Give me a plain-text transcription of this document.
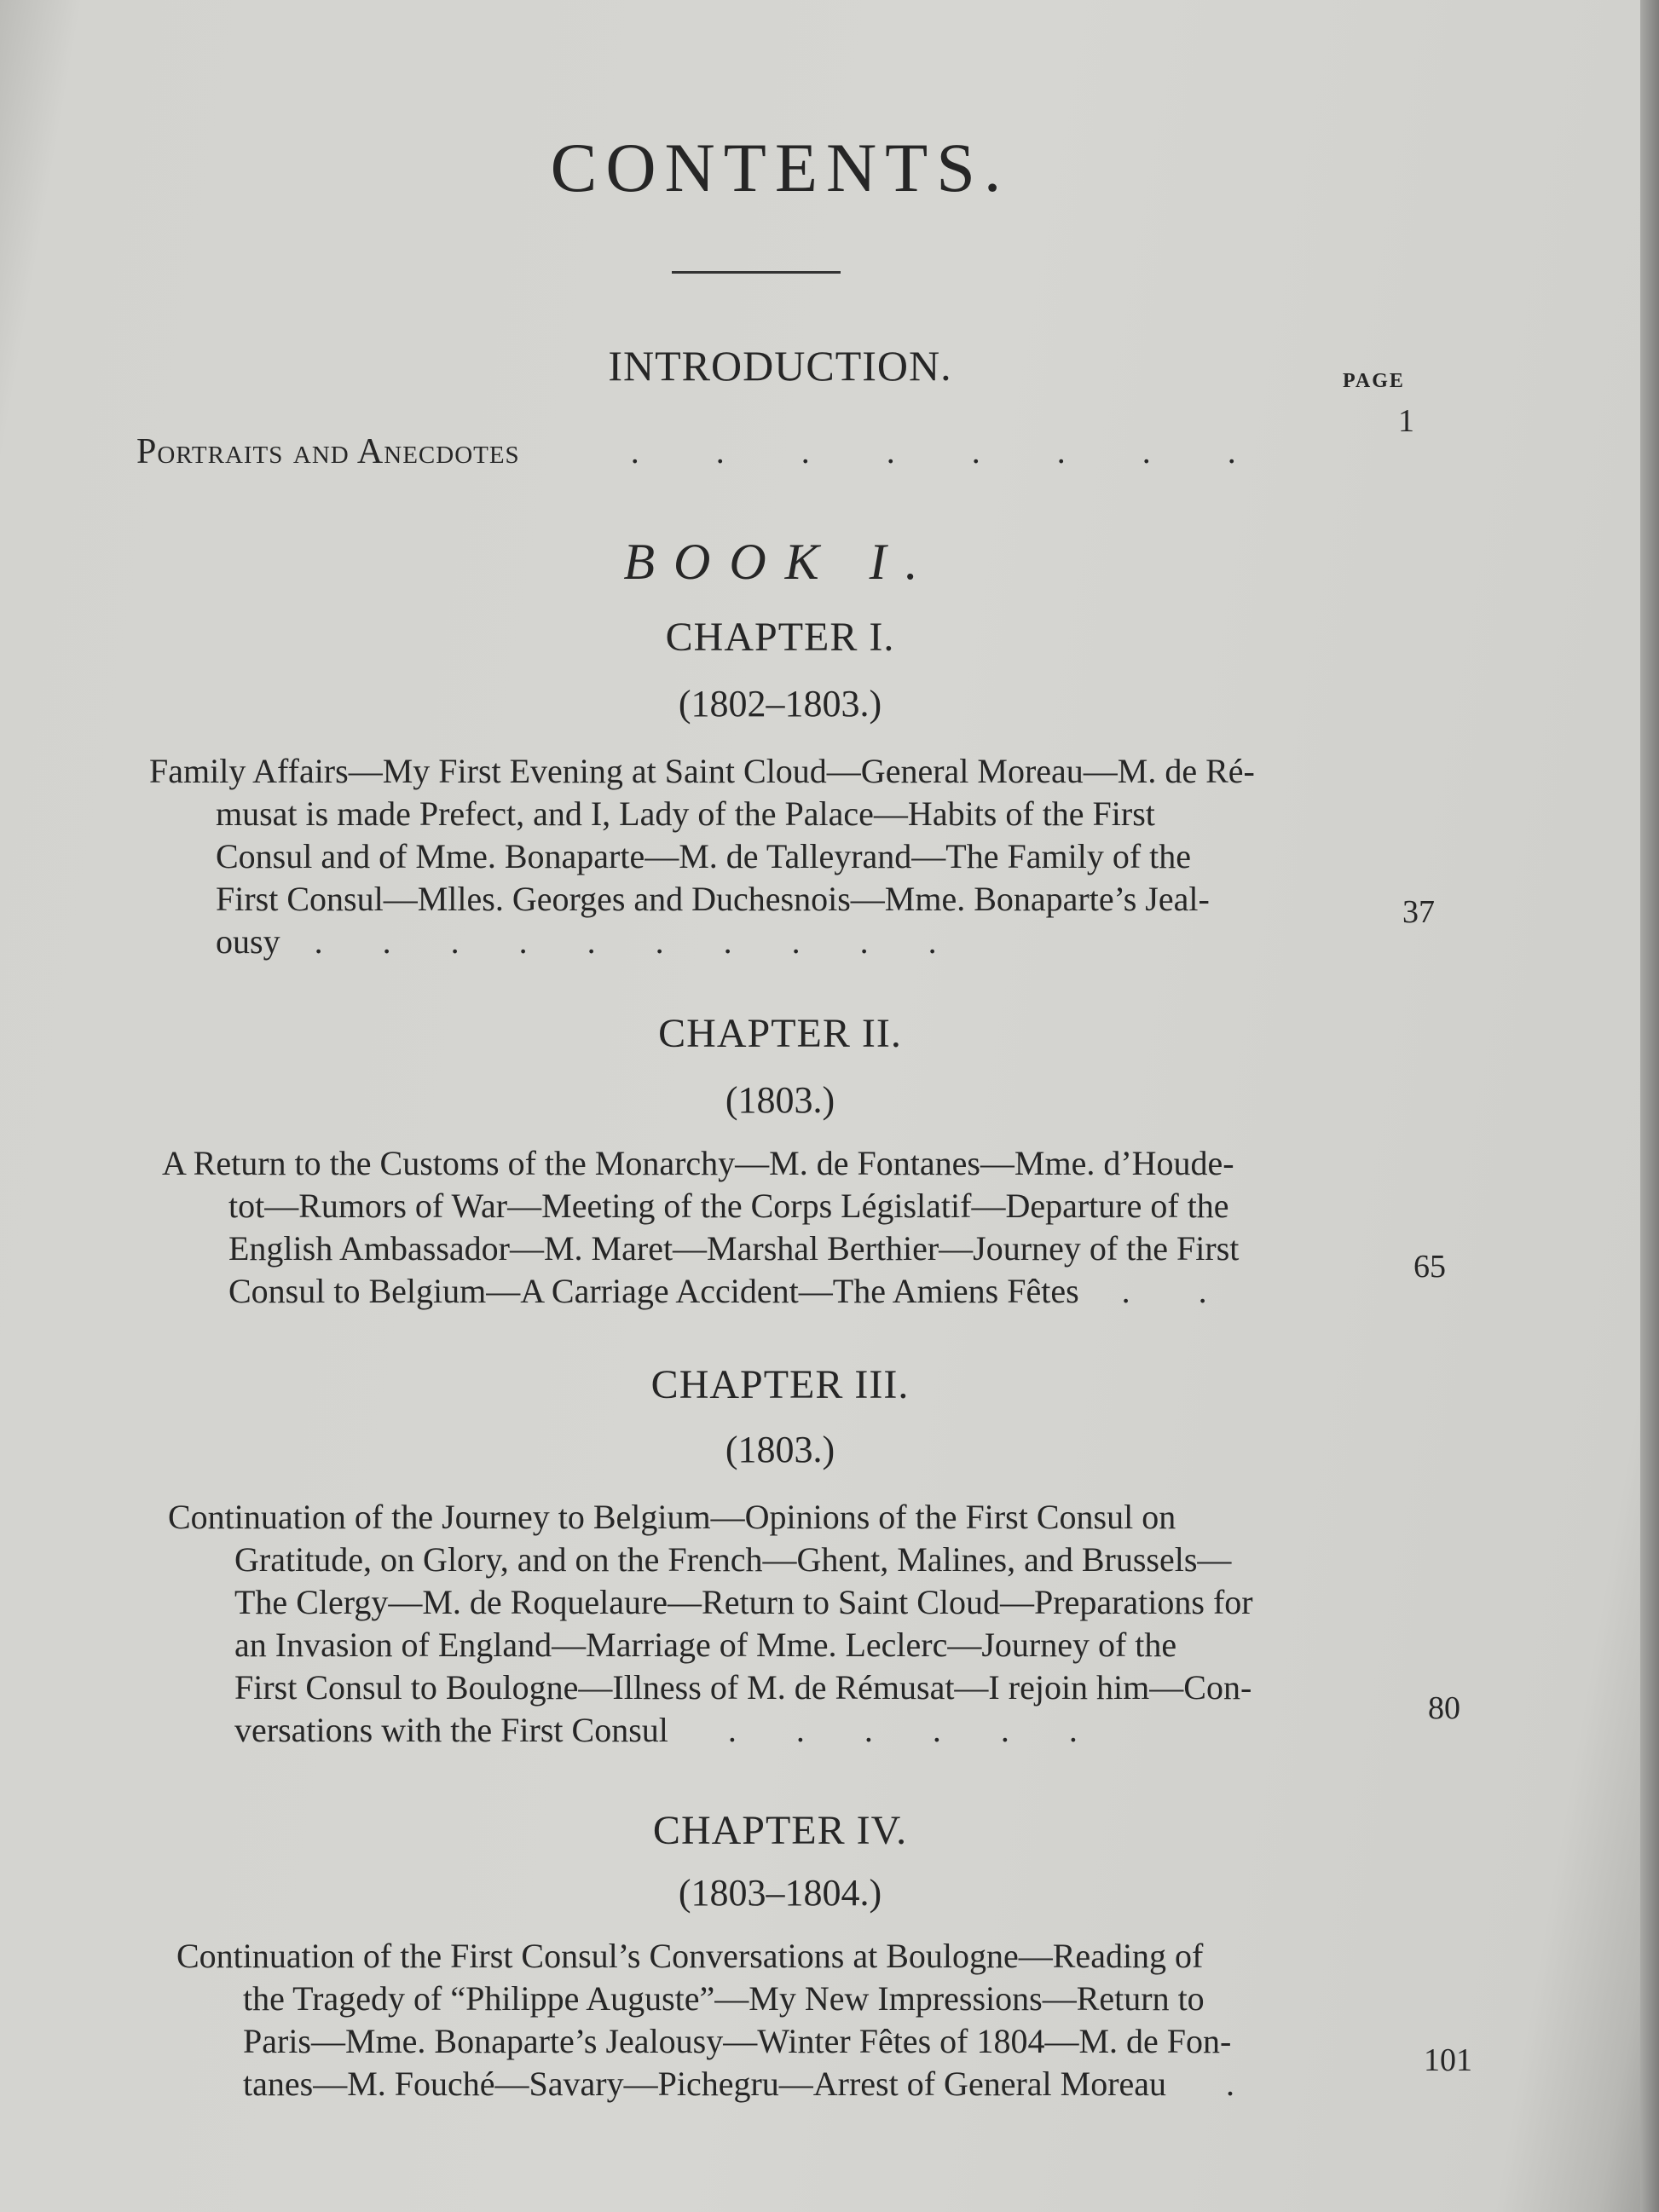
CONTENTS.
INTRODUCTION.	PAGE
Portraits and Anecdotes             .         .         .         .         .         .         .         .
1
BOOK I.
CHAPTER I.
(1802–1803.)
Family Affairs—My First Evening at Saint Cloud—General Moreau—M. de Ré-
musat is made Prefect, and I, Lady of the Palace—Habits of the First
Consul and of Mme. Bonaparte—M. de Talleyrand—The Family of the
First Consul—Mlles. Georges and Duchesnois—Mme. Bonaparte’s Jeal-
ousy    .       .       .       .       .       .       .       .       .       .
37
CHAPTER II.
(1803.)
A Return to the Customs of the Monarchy—M. de Fontanes—Mme. d’Houde-
tot—Rumors of War—Meeting of the Corps Législatif—Departure of the
English Ambassador—M. Maret—Marshal Berthier—Journey of the First
Consul to Belgium—A Carriage Accident—The Amiens Fêtes     .        .
65
CHAPTER III.
(1803.)
Continuation of the Journey to Belgium—Opinions of the First Consul on
Gratitude, on Glory, and on the French—Ghent, Malines, and Brussels—
The Clergy—M. de Roquelaure—Return to Saint Cloud—Preparations for
an Invasion of England—Marriage of Mme. Leclerc—Journey of the
First Consul to Boulogne—Illness of M. de Rémusat—I rejoin him—Con-
versations with the First Consul       .       .       .       .       .       .
80
CHAPTER IV.
(1803–1804.)
Continuation of the First Consul’s Conversations at Boulogne—Reading of
the Tragedy of “Philippe Auguste”—My New Impressions—Return to
Paris—Mme. Bonaparte’s Jealousy—Winter Fêtes of 1804—M. de Fon-
tanes—M. Fouché—Savary—Pichegru—Arrest of General Moreau       .
101
